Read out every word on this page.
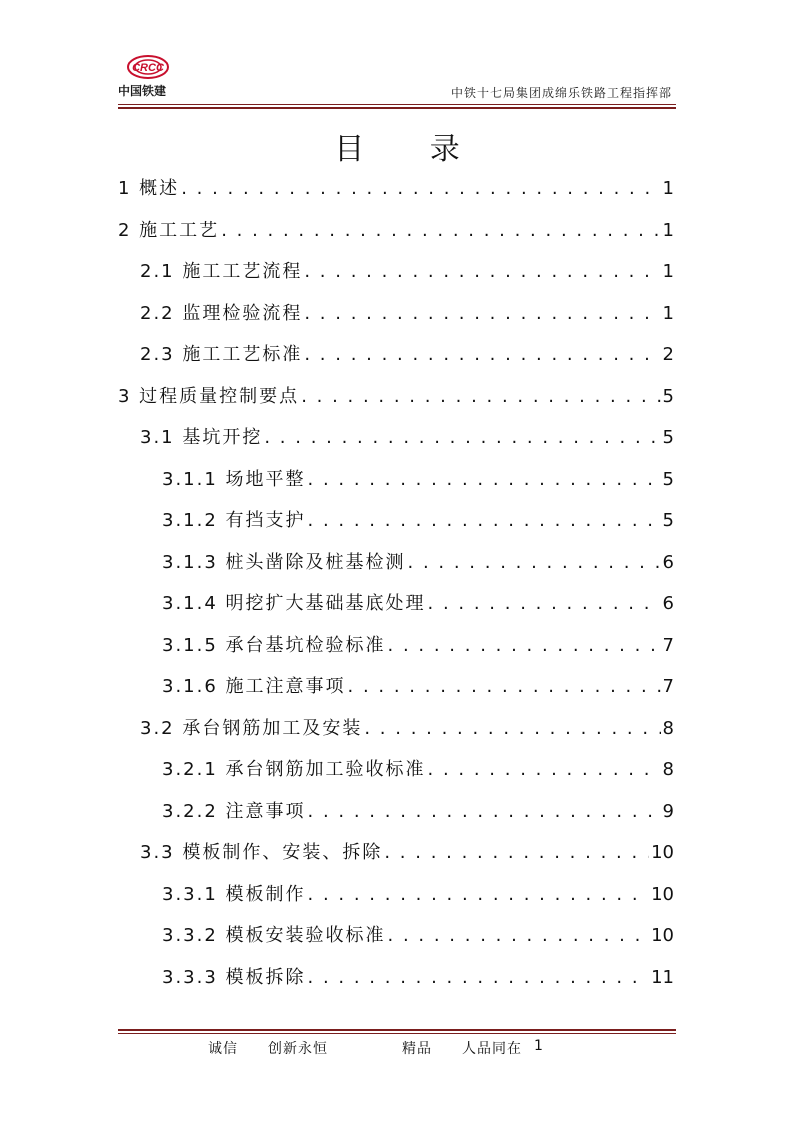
CRCC
中国铁建	中铁十七局集团成绵乐铁路工程指挥部
目 录
1 概述 . . .	1
2 施工工艺 . . .	1
2.1 施工工艺流程 . . .	1
2.2 监理检验流程 . . .	1
2.3 施工工艺标准 . . .	2
3 过程质量控制要点 . . .	5
3.1 基坑开挖 . . .	5
3.1.1 场地平整 . . .	5
3.1.2 有挡支护 . . .	5
3.1.3 桩头凿除及桩基检测 . . .	6
3.1.4 明挖扩大基础基底处理 . . .	6
3.1.5 承台基坑检验标准 . . .	7
3.1.6 施工注意事项 . . .	7
3.2 承台钢筋加工及安装 . . .	8
3.2.1 承台钢筋加工验收标准 . . .	8
3.2.2 注意事项 . . .	9
3.3 模板制作、安装、拆除 . . .	10
3.3.1 模板制作 . . .	10
3.3.2 模板安装验收标准 . . .	10
3.3.3 模板拆除 . . .	11
诚信　　创新永恒	精品　　人品同在 1
